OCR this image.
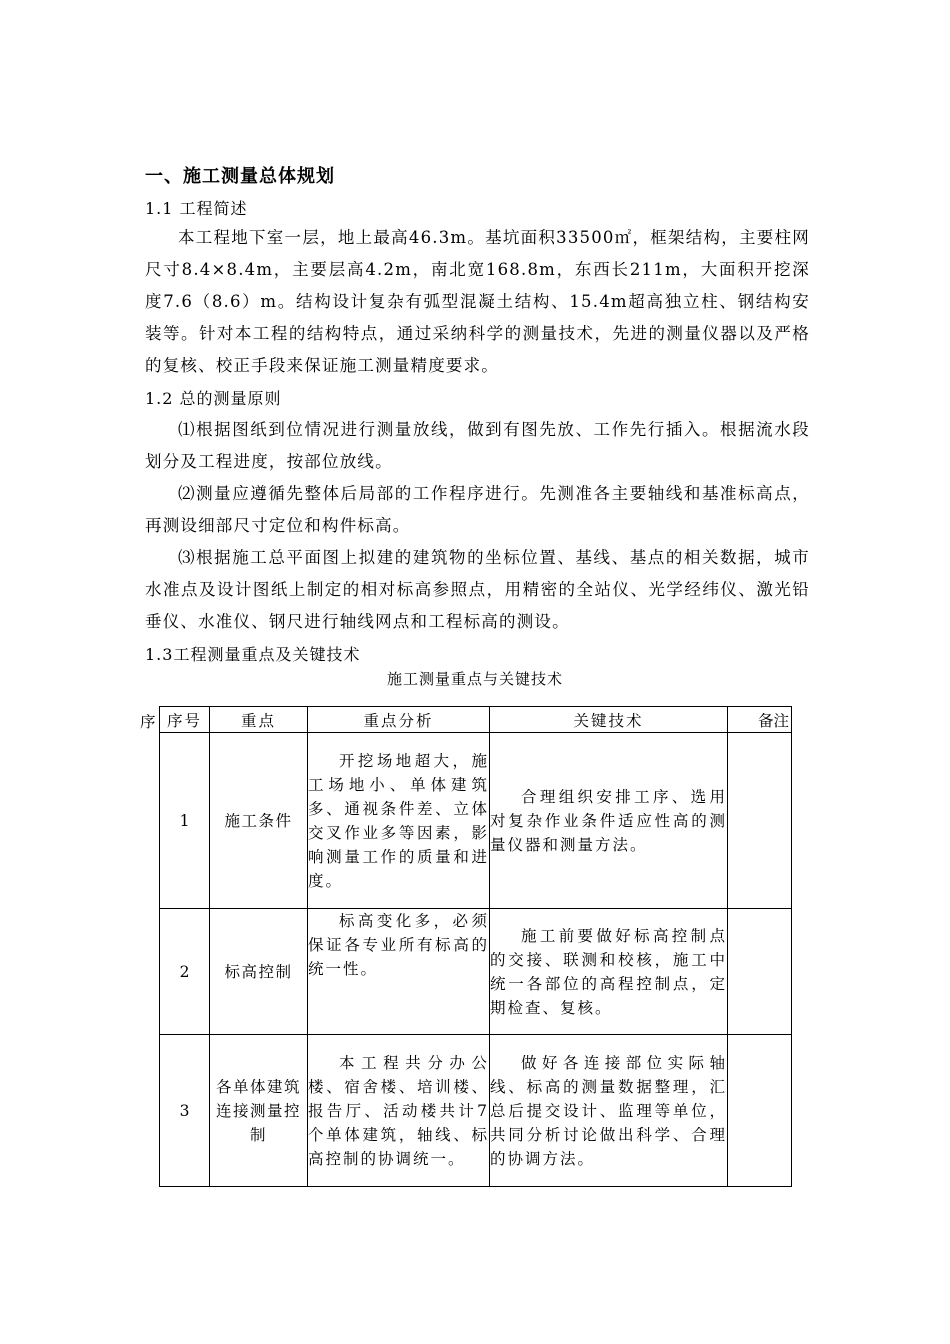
一、施工测量总体规划
1.1 工程简述

本工程地下室一层，地上最高46.3m。基坑面积33500㎡，框架结构，主要柱网尺寸8.4×8.4m，主要层高4.2m，南北宽168.8m，东西长211m，大面积开挖深度7.6（8.6）m。结构设计复杂有弧型混凝土结构、15.4m超高独立柱、钢结构安装等。针对本工程的结构特点，通过采纳科学的测量技术，先进的测量仪器以及严格的复核、校正手段来保证施工测量精度要求。

1.2 总的测量原则

⑴根据图纸到位情况进行测量放线，做到有图先放、工作先行插入。根据流水段划分及工程进度，按部位放线。

⑵测量应遵循先整体后局部的工作程序进行。先测准各主要轴线和基准标高点，再测设细部尺寸定位和构件标高。

⑶根据施工总平面图上拟建的建筑物的坐标位置、基线、基点的相关数据，城市水准点及设计图纸上制定的相对标高参照点，用精密的全站仪、光学经纬仪、激光铅垂仪、水准仪、钢尺进行轴线网点和工程标高的测设。

1.3工程测量重点及关键技术
施工测量重点与关键技术
序 序号	重点	重点分析	关键技术	备注
1	施工条件	开挖场地超大，施工场地小、单体建筑多、通视条件差、立体交叉作业多等因素，影响测量工作的质量和进度。	合理组织安排工序、选用对复杂作业条件适应性高的测量仪器和测量方法。	
2	标高控制	标高变化多，必须保证各专业所有标高的统一性。	施工前要做好标高控制点的交接、联测和校核，施工中统一各部位的高程控制点，定期检查、复核。	
3	各单体建筑连接测量控制	本工程共分办公楼、宿舍楼、培训楼、报告厅、活动楼共计7个单体建筑，轴线、标高控制的协调统一。	做好各连接部位实际轴线、标高的测量数据整理，汇总后提交设计、监理等单位，共同分析讨论做出科学、合理的协调方法。	
